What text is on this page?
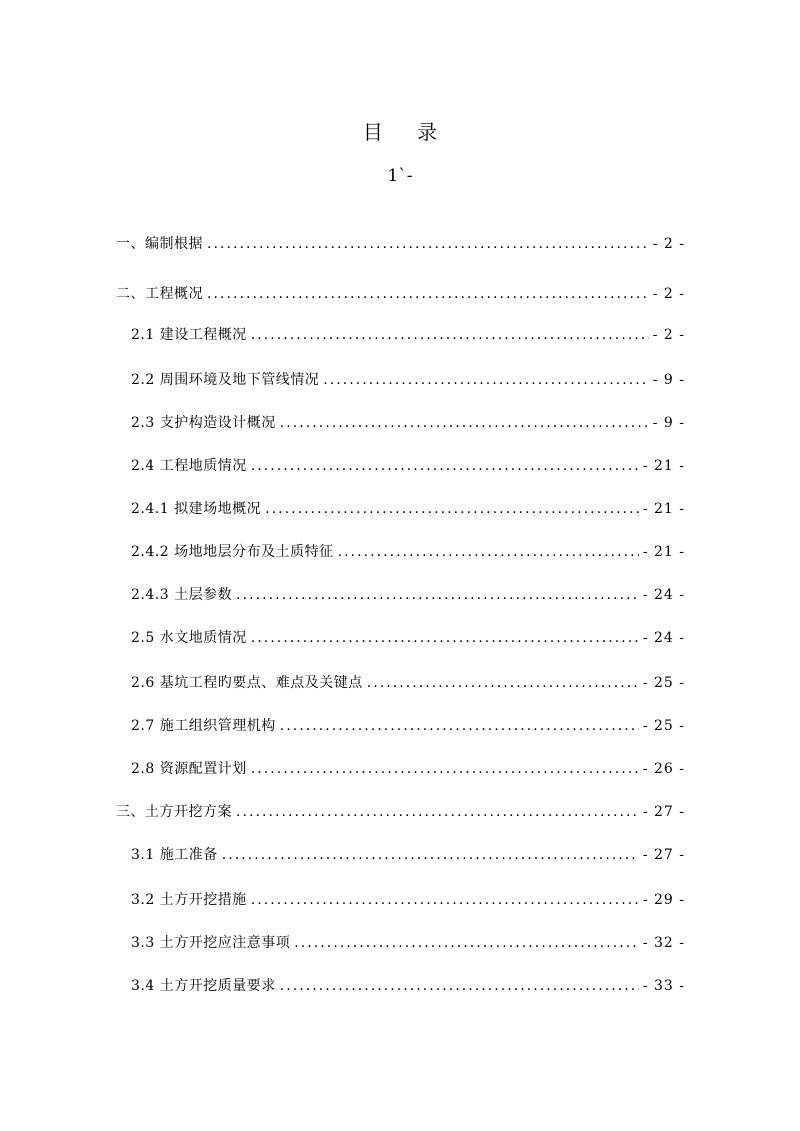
目 录
1`-
一、编制根据 . . .	- 2 -
二、工程概况 . . .	- 2 -
2.1 建设工程概况 . . .	- 2 -
2.2 周围环境及地下管线情况 . . .	- 9 -
2.3 支护构造设计概况 . . .	- 9 -
2.4 工程地质情况 . . .	- 21 -
2.4.1 拟建场地概况 . . .	- 21 -
2.4.2 场地地层分布及土质特征 . . .	- 21 -
2.4.3 土层参数 . . .	- 24 -
2.5 水文地质情况 . . .	- 24 -
2.6 基坑工程旳要点、难点及关键点 . . .	- 25 -
2.7 施工组织管理机构 . . .	- 25 -
2.8 资源配置计划 . . .	- 26 -
三、土方开挖方案 . . .	- 27 -
3.1 施工准备 . . .	- 27 -
3.2 土方开挖措施 . . .	- 29 -
3.3 土方开挖应注意事项 . . .	- 32 -
3.4 土方开挖质量要求 . . .	- 33 -
